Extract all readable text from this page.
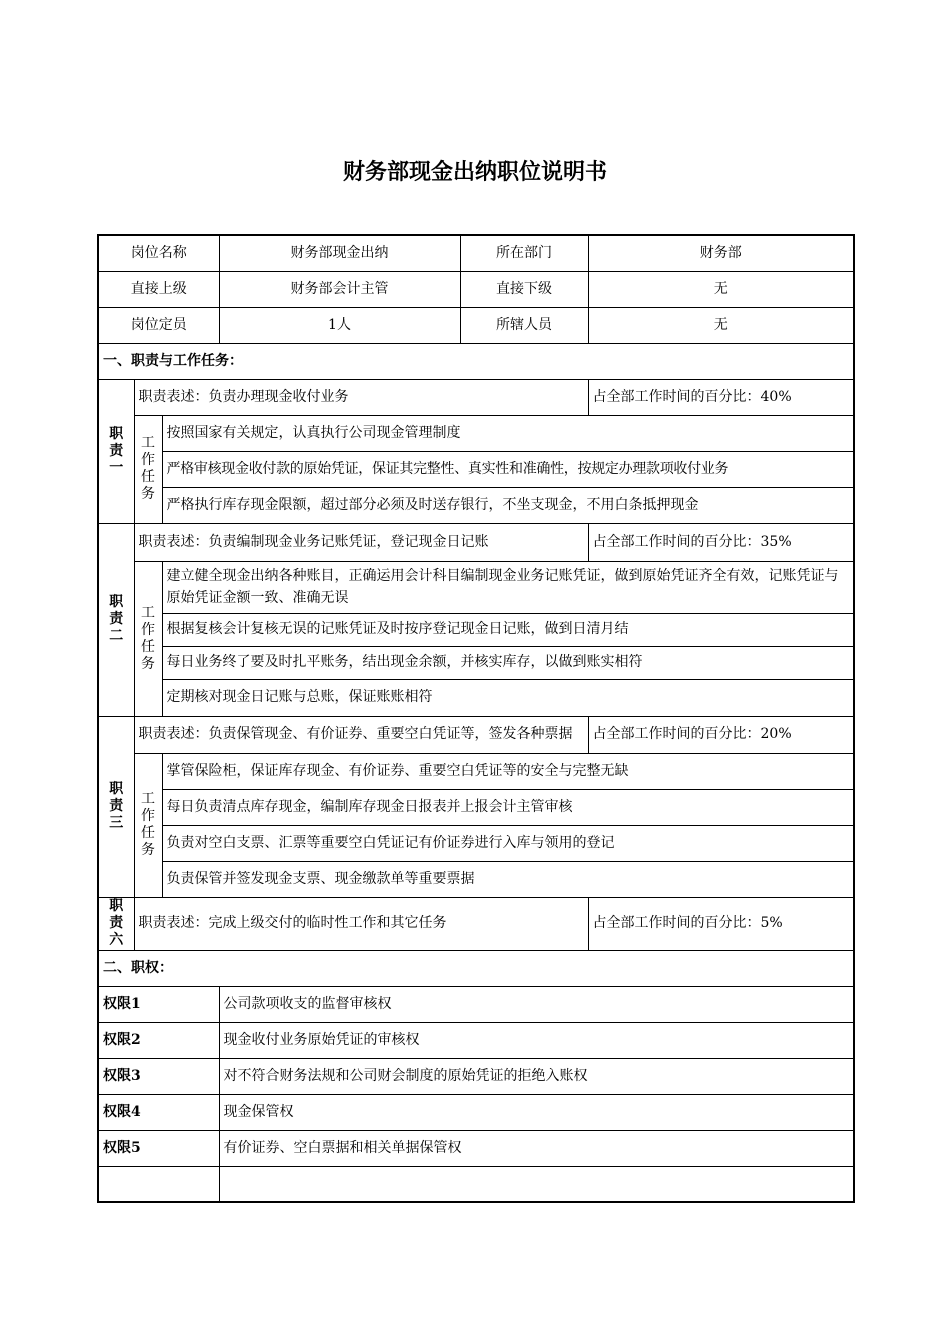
财务部现金出纳职位说明书
岗位名称			财务部现金出纳	所在部门	财务部
直接上级			财务部会计主管	直接下级	无
岗位定员			1人	所辖人员	无
一、职责与工作任务：					

职责一	职责表述：负责办理现金收付业务				占全部工作时间的百分比：40%

	工作任务	按照国家有关规定，认真执行公司现金管理制度			
		严格审核现金收付款的原始凭证，保证其完整性、真实性和准确性，按规定办理款项收付业务			
		严格执行库存现金限额，超过部分必须及时送存银行，不坐支现金，不用白条抵押现金			

职责二	职责表述：负责编制现金业务记账凭证，登记现金日记账				占全部工作时间的百分比：35%

	工作任务	建立健全现金出纳各种账目，正确运用会计科目编制现金业务记账凭证，做到原始凭证齐全有效，记账凭证与原始凭证金额一致、准确无误			
		根据复核会计复核无误的记账凭证及时按序登记现金日记账，做到日清月结			
		每日业务终了要及时扎平账务，结出现金余额，并核实库存，以做到账实相符			
		定期核对现金日记账与总账，保证账账相符			

职责三	职责表述：负责保管现金、有价证券、重要空白凭证等，签发各种票据				占全部工作时间的百分比：20%

	工作任务	掌管保险柜，保证库存现金、有价证券、重要空白凭证等的安全与完整无缺			
		每日负责清点库存现金，编制库存现金日报表并上报会计主管审核			
		负责对空白支票、汇票等重要空白凭证记有价证券进行入库与领用的登记			
		负责保管并签发现金支票、现金缴款单等重要票据			

职责六	职责表述：完成上级交付的临时性工作和其它任务				占全部工作时间的百分比：5%
二、职权：					
权限1			公司款项收支的监督审核权		
权限2			现金收付业务原始凭证的审核权		
权限3			对不符合财务法规和公司财会制度的原始凭证的拒绝入账权		
权限4			现金保管权		
权限5			有价证券、空白票据和相关单据保管权		
